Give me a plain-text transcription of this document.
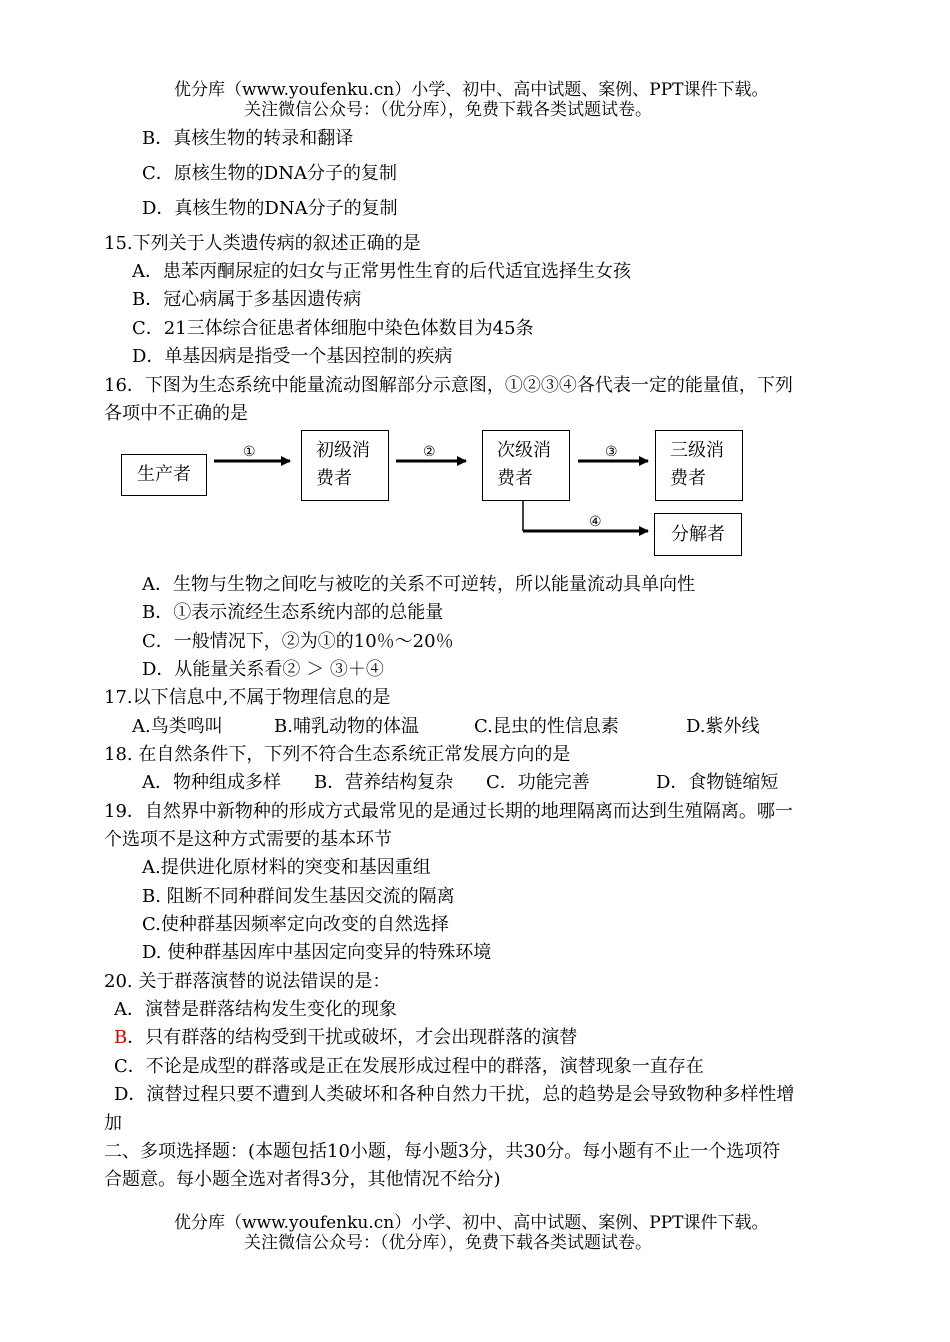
优分库（www.youfenku.cn）小学、初中、高中试题、案例、PPT课件下载。
关注微信公众号：（优分库），免费下载各类试题试卷。
B．真核生物的转录和翻译
C．原核生物的DNA分子的复制
D．真核生物的DNA分子的复制
15.下列关于人类遗传病的叙述正确的是
A．患苯丙酮尿症的妇女与正常男性生育的后代适宜选择生女孩
B．冠心病属于多基因遗传病
C．21三体综合征患者体细胞中染色体数目为45条
D．单基因病是指受一个基因控制的疾病
16．下图为生态系统中能量流动图解部分示意图，①②③④各代表一定的能量值，下列
各项中不正确的是
生产者
初级消
费者
次级消
费者
三级消
费者
分解者
①	②	③
④
A．生物与生物之间吃与被吃的关系不可逆转，所以能量流动具单向性
B．①表示流经生态系统内部的总能量
C．一般情况下，②为①的10％～20％
D．从能量关系看② ＞ ③＋④
17.以下信息中,不属于物理信息的是
A.鸟类鸣叫	B.哺乳动物的体温	C.昆虫的性信息素	D.紫外线
18. 在自然条件下，下列不符合生态系统正常发展方向的是
A．物种组成多样 B．营养结构复杂 C．功能完善	D．食物链缩短
19．自然界中新物种的形成方式最常见的是通过长期的地理隔离而达到生殖隔离。哪一
个选项不是这种方式需要的基本环节
A.提供进化原材料的突变和基因重组
B. 阻断不同种群间发生基因交流的隔离
C.使种群基因频率定向改变的自然选择
D. 使种群基因库中基因定向变异的特殊环境
20. 关于群落演替的说法错误的是：
A．演替是群落结构发生变化的现象
B．只有群落的结构受到干扰或破坏，才会出现群落的演替
C．不论是成型的群落或是正在发展形成过程中的群落，演替现象一直存在
D．演替过程只要不遭到人类破坏和各种自然力干扰，总的趋势是会导致物种多样性增
加
二、多项选择题：(本题包括10小题，每小题3分，共30分。每小题有不止一个选项符
合题意。每小题全选对者得3分，其他情况不给分)
优分库（www.youfenku.cn）小学、初中、高中试题、案例、PPT课件下载。
关注微信公众号：（优分库），免费下载各类试题试卷。
